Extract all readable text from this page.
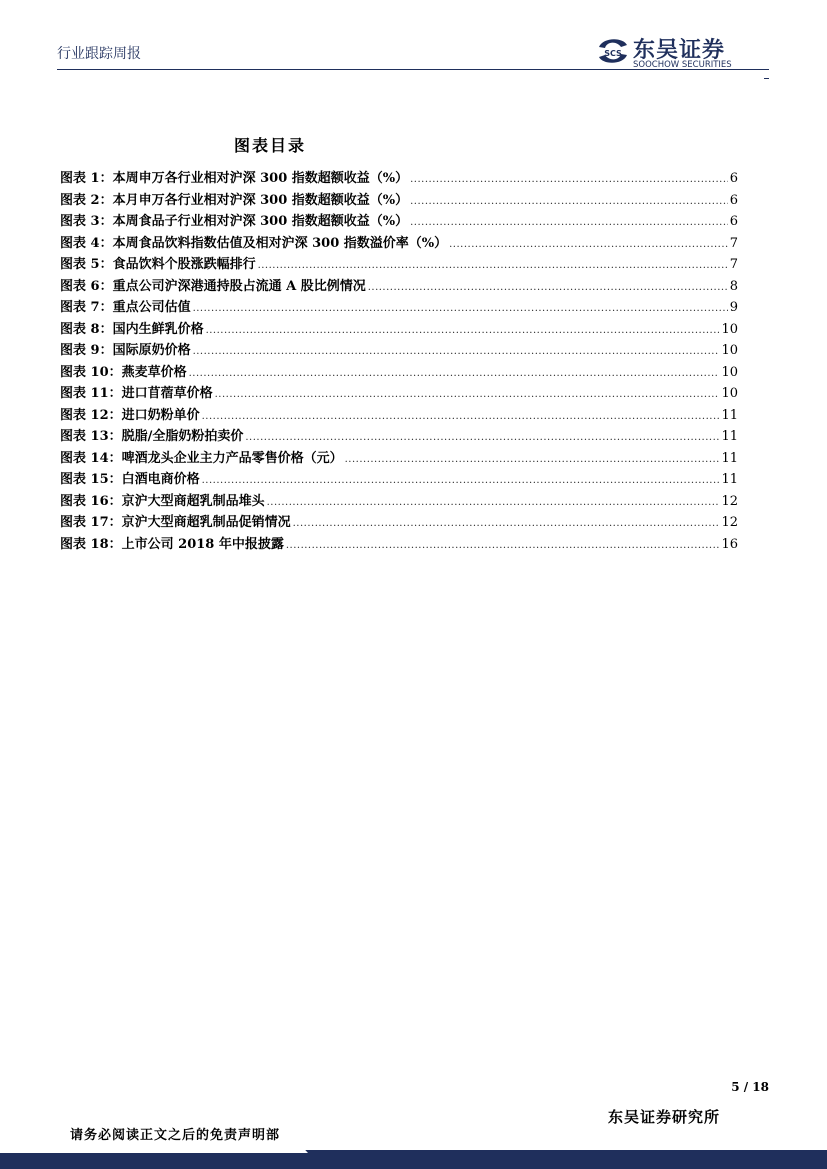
行业跟踪周报	SCS 东吴证券
SOOCHOW SECURITIES
图表目录
图表 1：本周申万各行业相对沪深 300 指数超额收益（%） .....	6
图表 2：本月申万各行业相对沪深 300 指数超额收益（%） .....	6
图表 3：本周食品子行业相对沪深 300 指数超额收益（%） .....	6
图表 4：本周食品饮料指数估值及相对沪深 300 指数溢价率（%） .....	7
图表 5：食品饮料个股涨跌幅排行 .....	7
图表 6：重点公司沪深港通持股占流通 A 股比例情况 .....	8
图表 7：重点公司估值 .....	9
图表 8：国内生鲜乳价格 .....	10
图表 9：国际原奶价格 .....	10
图表 10：燕麦草价格 .....	10
图表 11：进口苜蓿草价格 .....	10
图表 12：进口奶粉单价 .....	11
图表 13：脱脂/全脂奶粉拍卖价 .....	11
图表 14：啤酒龙头企业主力产品零售价格（元） .....	11
图表 15：白酒电商价格 .....	11
图表 16：京沪大型商超乳制品堆头 .....	12
图表 17：京沪大型商超乳制品促销情况 .....	12
图表 18：上市公司 2018 年中报披露 .....	16
5 / 18
东吴证券研究所
请务必阅读正文之后的免责声明部
